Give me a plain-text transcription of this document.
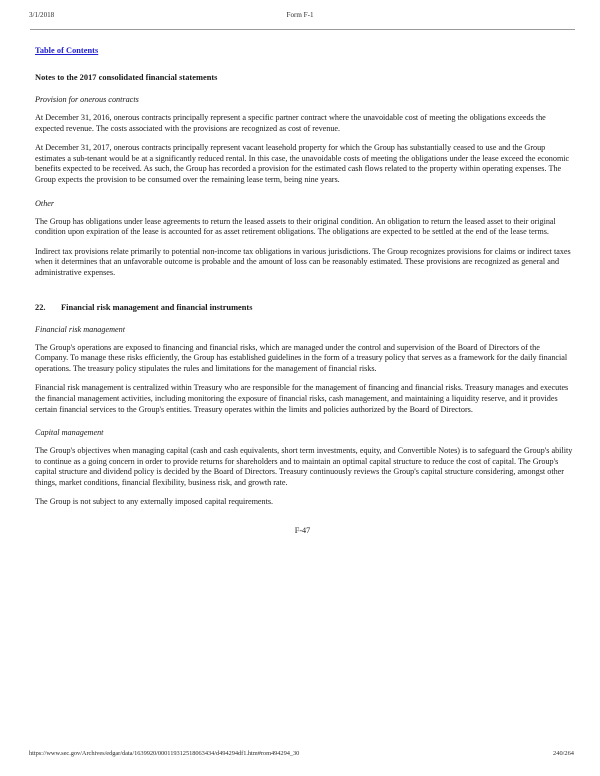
3/1/2018	Form F-1
Table of Contents
Notes to the 2017 consolidated financial statements
Provision for onerous contracts

At December 31, 2016, onerous contracts principally represent a specific partner contract where the unavoidable cost of meeting the obligations exceeds the expected revenue. The costs associated with the provisions are recognized as cost of revenue.

At December 31, 2017, onerous contracts principally represent vacant leasehold property for which the Group has substantially ceased to use and the Group estimates a sub-tenant would be at a significantly reduced rental. In this case, the unavoidable costs of meeting the obligations under the lease exceed the economic benefits expected to be received. As such, the Group has recorded a provision for the estimated cash flows related to the property within operating expenses. The Group expects the provision to be consumed over the remaining lease term, being nine years.

Other

The Group has obligations under lease agreements to return the leased assets to their original condition. An obligation to return the leased asset to their original condition upon expiration of the lease is accounted for as asset retirement obligations. The obligations are expected to be settled at the end of the lease terms.

Indirect tax provisions relate primarily to potential non-income tax obligations in various jurisdictions. The Group recognizes provisions for claims or indirect taxes when it determines that an unfavorable outcome is probable and the amount of loss can be reasonably estimated. These provisions are recognized as general and administrative expenses.

22.	Financial risk management and financial instruments
Financial risk management

The Group's operations are exposed to financing and financial risks, which are managed under the control and supervision of the Board of Directors of the Company. To manage these risks efficiently, the Group has established guidelines in the form of a treasury policy that serves as a framework for the daily financial operations. The treasury policy stipulates the rules and limitations for the management of financial risks.

Financial risk management is centralized within Treasury who are responsible for the management of financing and financial risks. Treasury manages and executes the financial management activities, including monitoring the exposure of financial risks, cash management, and maintaining a liquidity reserve, and it provides certain financial services to the Group's entities. Treasury operates within the limits and policies authorized by the Board of Directors.

Capital management

The Group's objectives when managing capital (cash and cash equivalents, short term investments, equity, and Convertible Notes) is to safeguard the Group's ability to continue as a going concern in order to provide returns for shareholders and to maintain an optimal capital structure to reduce the cost of capital. The Group's capital structure and dividend policy is decided by the Board of Directors. Treasury continuously reviews the Group's capital structure considering, amongst other things, market conditions, financial flexibility, business risk, and growth rate.

The Group is not subject to any externally imposed capital requirements.

F-47
https://www.sec.gov/Archives/edgar/data/1639920/000119312518063434/d494294df1.htm#rom494294_30	240/264
